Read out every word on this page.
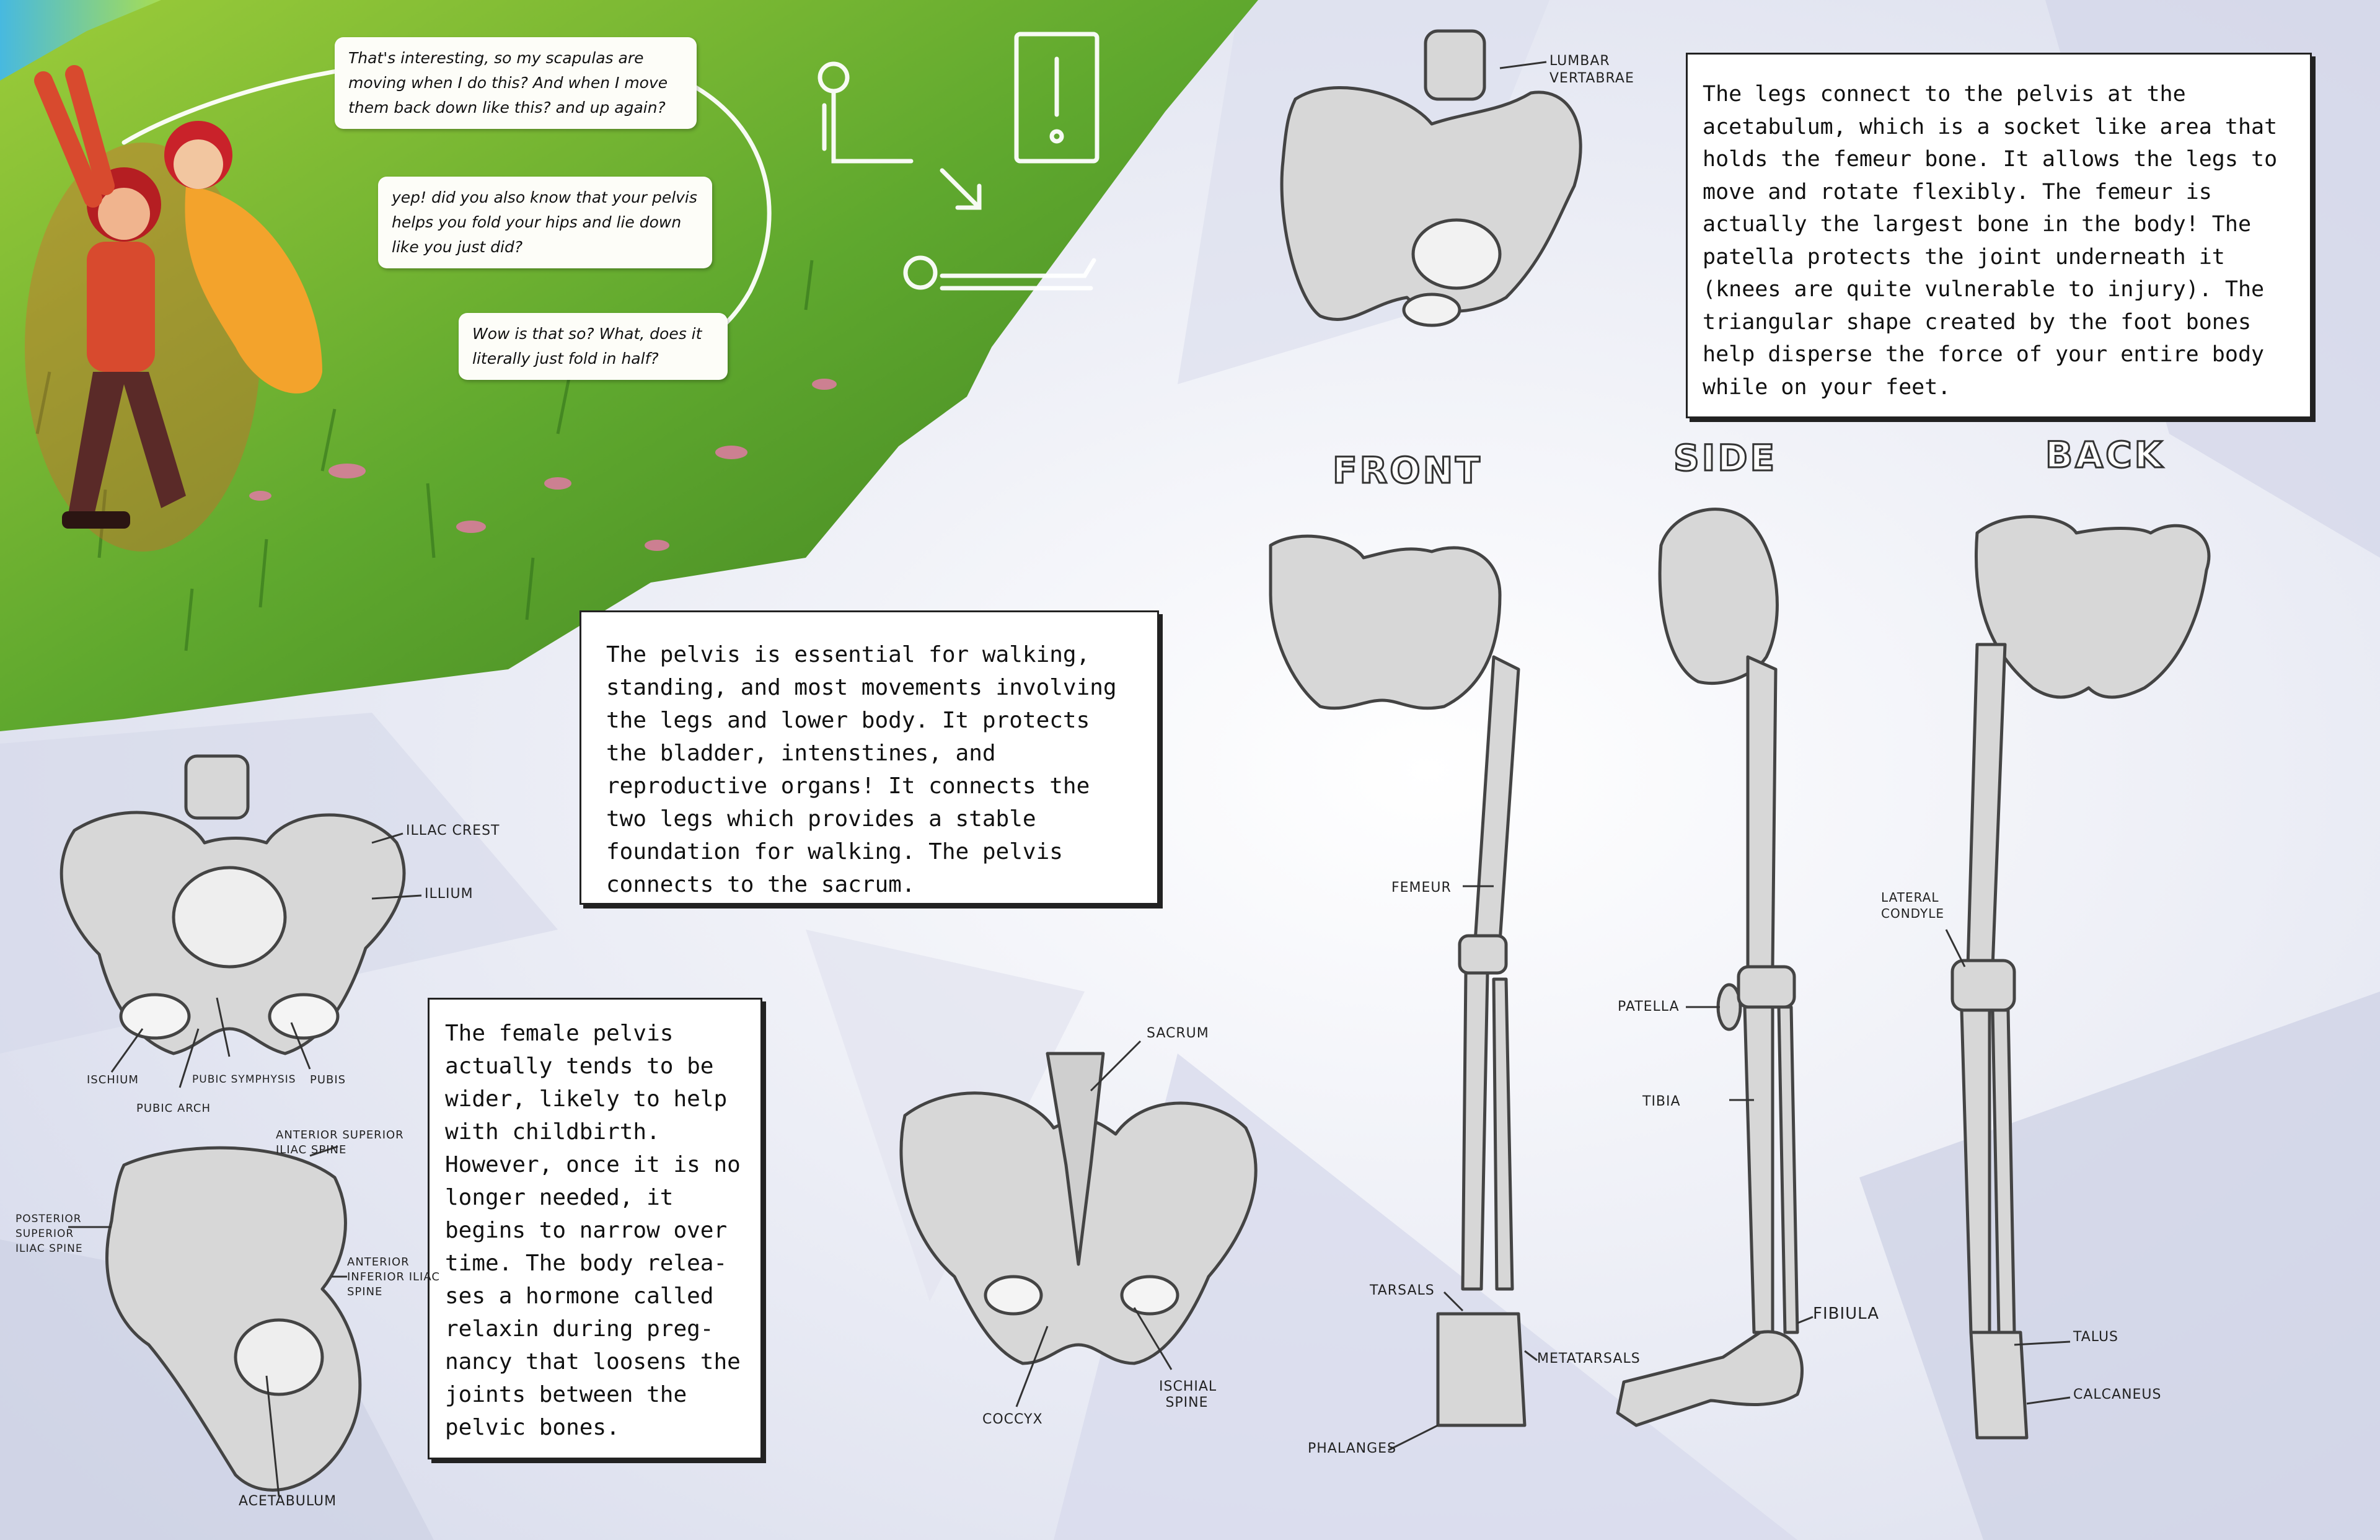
That's interesting, so my scapulas are moving when I do this? And when I move them back down like this? and up again?
yep! did you also know that your pelvis helps you fold your hips and lie down like you just did?
Wow is that so? What, does it literally just fold in half?

The pelvis is essential for walking, standing, and most movements involving the legs and lower body. It protects the bladder, intenstines, and reproductive organs! It connects the two legs which provides a stable foundation for walking. The pelvis connects to the sacrum.

The legs connect to the pelvis at the acetabulum, which is a socket like area that holds the femeur bone. It allows the legs to move and rotate flexibly. The femeur is actually the largest bone in the body! The patella protects the joint underneath it (knees are quite vulnerable to injury). The triangular shape created by the foot bones help disperse the force of your entire body while on your feet.

The female pelvis actually tends to be wider, likely to help with childbirth. However, once it is no longer needed, it begins to narrow over time. The body relea-ses a hormone called relaxin during preg-nancy that loosens the joints between the pelvic bones.

FRONT	SIDE	BACK
LUMBAR VERTABRAE
ILLAC CREST
ILLIUM
ISCHIUM	PUBIC SYMPHYSIS PUBIS
PUBIC ARCH
ANTERIOR SUPERIOR ILIAC SPINE
POSTERIOR SUPERIOR ILIAC SPINE
ANTERIOR INFERIOR ILIAC SPINE
ACETABULUM
SACRUM
COCCYX
ISCHIAL SPINE
FEMEUR
TARSALS
METATARSALS
PHALANGES
PATELLA
TIBIA
FIBIULA
LATERAL CONDYLE
TALUS
CALCANEUS
